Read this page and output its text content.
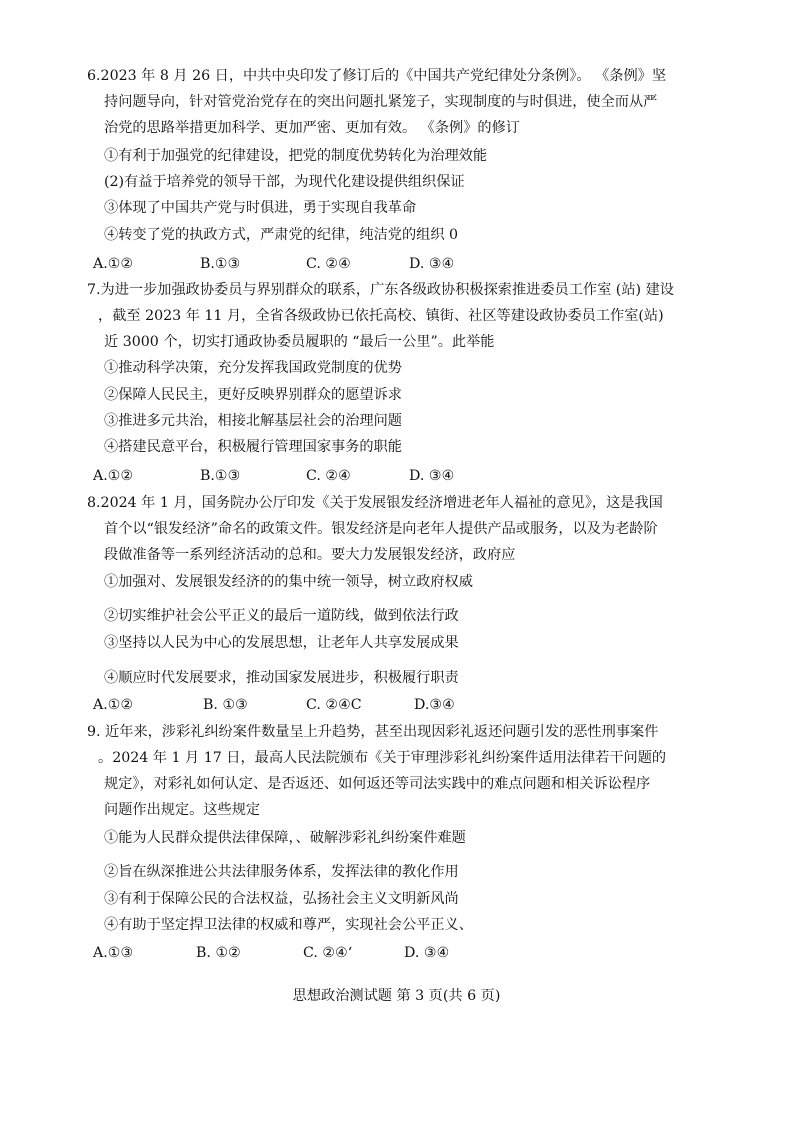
6.2023 年 8 月 26 日，中共中央印发了修订后的《中国共产党纪律处分条例》。 《条例》坚
持问题导向，针对管党治党存在的突出问题扎紧笼子，实现制度的与时俱进，使全而从严
治党的思路举措更加科学、更加严密、更加有效。 《条例》的修订
①有利于加强党的纪律建设，把党的制度优势转化为治理效能
(2)有益于培养党的领导干部，为现代化建设提供组织保证
③体现了中国共产党与时俱进，勇于实现自我革命
④转变了党的执政方式，严肃党的纪律，纯洁党的组织 0
A.①②	B.①③	C. ②④	D. ③④
7.为进一步加强政协委员与界别群众的联系，广东各级政协积极探索推进委员工作室 (站) 建设
，截至 2023 年 11 月，全省各级政协已依托高校、镇街、社区等建设政协委员工作室(站)
近 3000 个，切实打通政协委员履职的 “最后一公里”。此举能
①推动科学决策，充分发挥我国政党制度的优势
②保障人民民主，更好反映界别群众的愿望诉求
③推进多元共治，相接北解基层社会的治理问题
④搭建民意平台，积极履行管理国家事务的职能
A.①②	B.①③	C. ②④	D. ③④
8.2024 年 1 月，国务院办公厅印发《关于发展银发经济增进老年人福祉的意见》，这是我国
首个以“银发经济”命名的政策文件。银发经济是向老年人提供产品或服务，以及为老龄阶
段做准备等一系列经济活动的总和。要大力发展银发经济，政府应
①加强对、发展银发经济的的集中统一领导，树立政府权威
②切实维护社会公平正义的最后一道防线，做到依法行政
③坚持以人民为中心的发展思想，让老年人共享发展成果
④顺应时代发展要求，推动国家发展进步，积极履行职责
A.①②	B. ①③	C. ②④C	D.③④
9. 近年来，涉彩礼纠纷案件数量呈上升趋势，甚至出现因彩礼返还问题引发的恶性刑事案件
。2024 年 1 月 17 日，最高人民法院颁布《关于审理涉彩礼纠纷案件适用法律若干问题的
规定》，对彩礼如何认定、是否返还、如何返还等司法实践中的难点问题和相关诉讼程序
问题作出规定。这些规定
①能为人民群众提供法律保障，、破解涉彩礼纠纷案件难题
②旨在纵深推进公共法律服务体系，发挥法律的教化作用
③有利于保障公民的合法权益，弘扬社会主义文明新风尚
④有助于坚定捍卫法律的权威和尊严，实现社会公平正义、
A.①③	B. ①②	C. ②④‘	D. ③④
思想政治测试题 第 3 页(共 6 页)
